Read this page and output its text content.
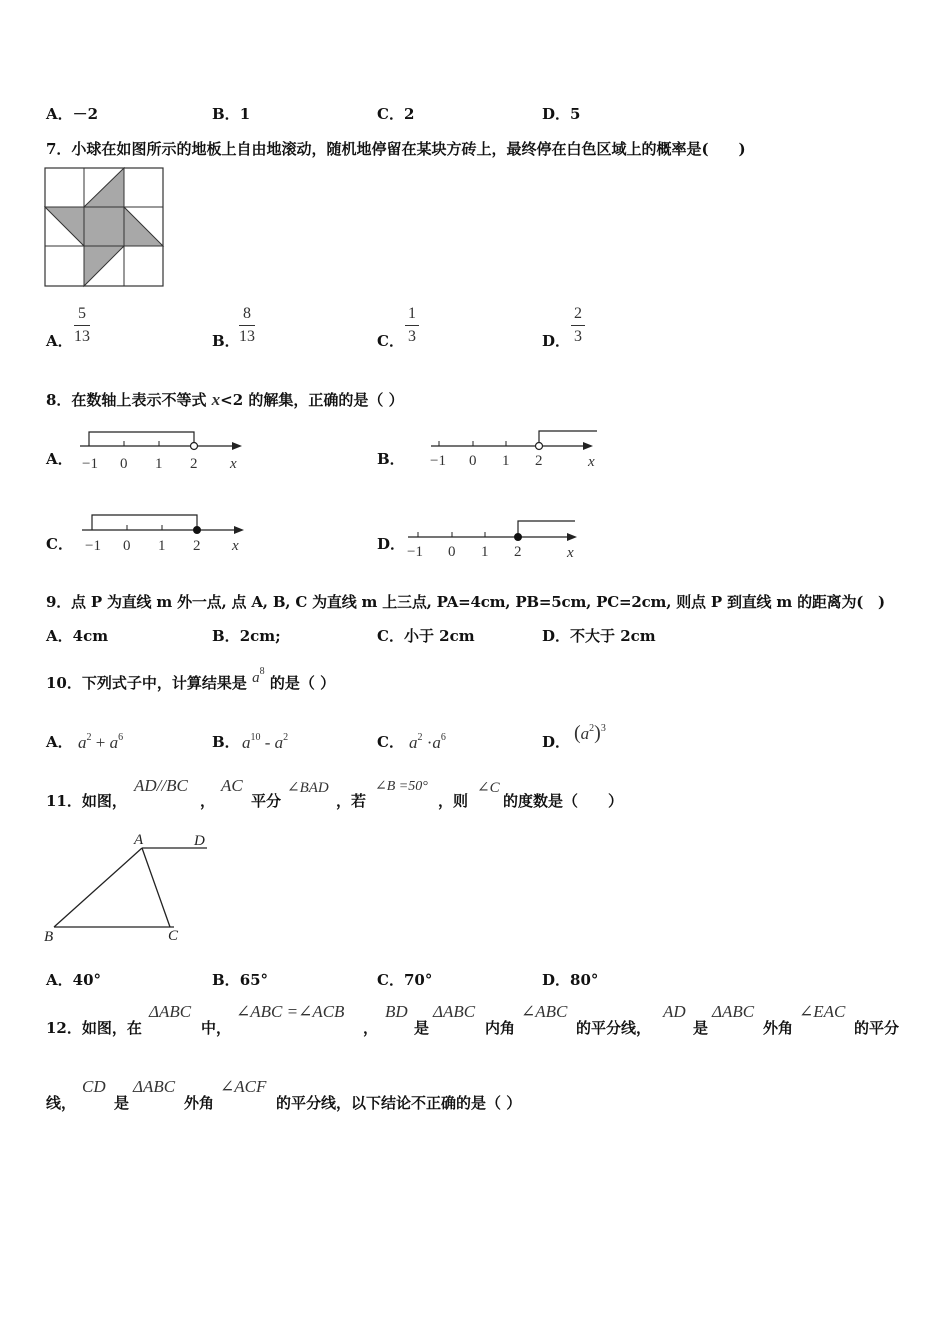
A．－2	B．1	C．2	D．5
7．小球在如图所示的地板上自由地滚动，随机地停留在某块方砖上，最终停在白色区域上的概率是(　　)
A． $\frac{5}{13}$	B． $\frac{8}{13}$	C． $\frac{1}{3}$	D． $\frac{2}{3}$
8．在数轴上表示不等式 x<2 的解集，正确的是（ ）
A． −1 0 1 2 x	B． −1 0 1 2	x
C． −1 0 1 2 x	D． −1 0 1 2	x
9．点 P 为直线 m 外一点, 点 A, B, C 为直线 m 上三点, PA=4cm, PB=5cm, PC=2cm, 则点 P 到直线 m 的距离为(　)
A．4cm	B．2cm;	C．小于 2cm	D．不大于 2cm
10．下列式子中，计算结果是 $a^8$ 的是（ ）
A． $a^2 + a^6$	B． $a^{10} - a^2$	C． $a^2 \cdot a^6$	D． $(a^2)^3$
11．如图，
AD//BC
，
AC
平分
∠BAD
，若
∠B =50°
，则
∠C
的度数是（　　）
A	D
B	C
A．40°	B．65°	C．70°	D．80°
12．如图，在
ΔABC
中，
∠ABC =∠ACB
，
BD
是
ΔABC
内角
∠ABC
的平分线，
AD
是
ΔABC
外角
∠EAC
的平分
线，
CD
是
ΔABC
外角
∠ACF
的平分线，以下结论不正确的是（ ）
